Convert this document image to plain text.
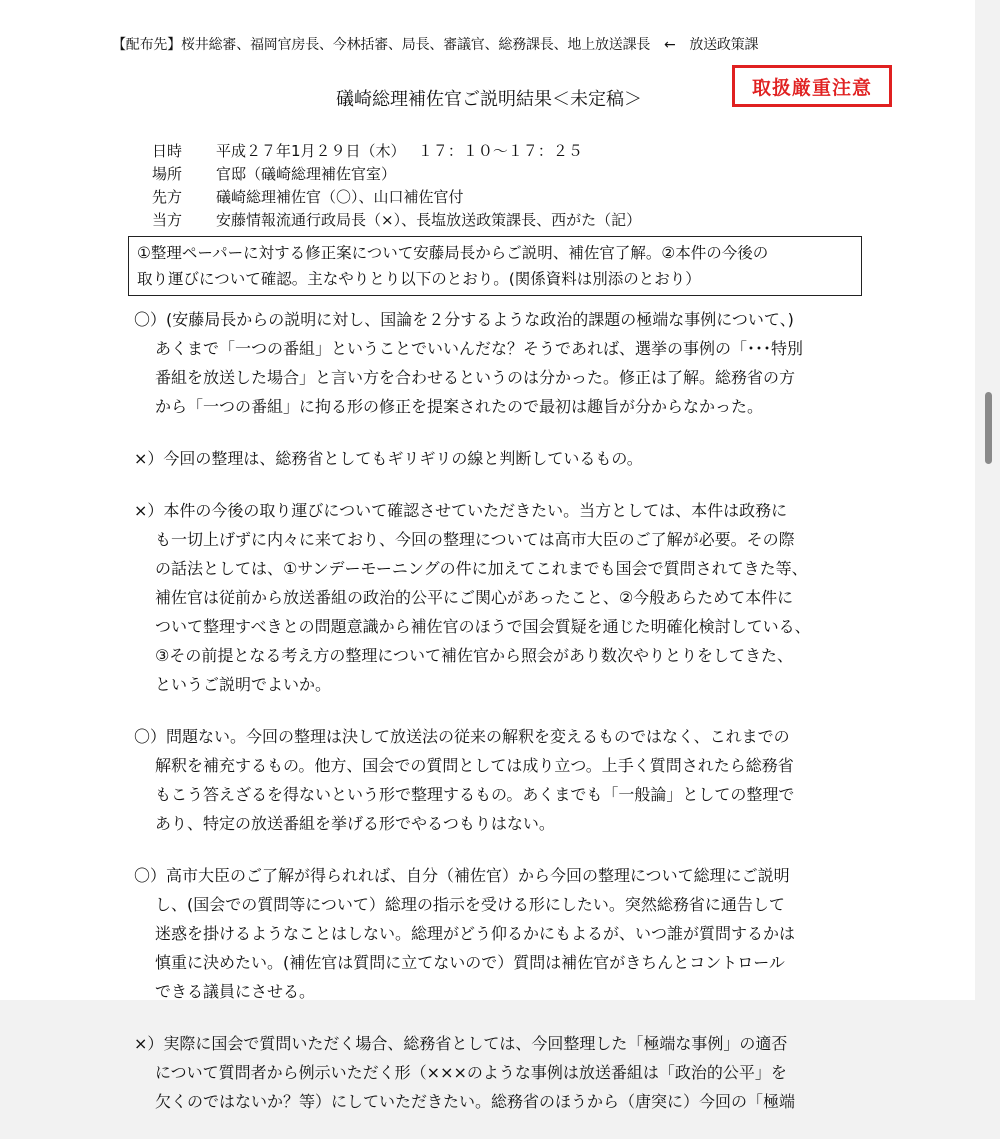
【配布先】桜井総審、福岡官房長、今林括審、局長、審議官、総務課長、地上放送課長　←　放送政策課
礒崎総理補佐官ご説明結果＜未定稿＞
取扱厳重注意
日時 平成２７年1月２９日（木）　 １７：１０～１７：２５
場所 官邸（礒崎総理補佐官室）
先方 礒崎総理補佐官（〇）、山口補佐官付
当方 安藤情報流通行政局長（×）、長塩放送政策課長、西がた（記）
①整理ペーパーに対する修正案について安藤局長からご説明、補佐官了解。②本件の今後の
取り運びについて確認。主なやりとり以下のとおり。(関係資料は別添のとおり）
〇）(安藤局長からの説明に対し、国論を２分するような政治的課題の極端な事例について、)
あくまで「一つの番組」ということでいいんだな？そうであれば、選挙の事例の「･･･特別
番組を放送した場合」と言い方を合わせるというのは分かった。修正は了解。総務省の方
から「一つの番組」に拘る形の修正を提案されたので最初は趣旨が分からなかった。
×）今回の整理は、総務省としてもギリギリの線と判断しているもの。
×）本件の今後の取り運びについて確認させていただきたい。当方としては、本件は政務に
も一切上げずに内々に来ており、今回の整理については高市大臣のご了解が必要。その際
の話法としては、①サンデーモーニングの件に加えてこれまでも国会で質問されてきた等、
補佐官は従前から放送番組の政治的公平にご関心があったこと、②今般あらためて本件に
ついて整理すべきとの問題意識から補佐官のほうで国会質疑を通じた明確化検討している、
③その前提となる考え方の整理について補佐官から照会があり数次やりとりをしてきた、
というご説明でよいか。
〇）問題ない。今回の整理は決して放送法の従来の解釈を変えるものではなく、これまでの
解釈を補充するもの。他方、国会での質問としては成り立つ。上手く質問されたら総務省
もこう答えざるを得ないという形で整理するもの。あくまでも「一般論」としての整理で
あり、特定の放送番組を挙げる形でやるつもりはない。
〇）高市大臣のご了解が得られれば、自分（補佐官）から今回の整理について総理にご説明
し、(国会での質問等について）総理の指示を受ける形にしたい。突然総務省に通告して
迷惑を掛けるようなことはしない。総理がどう仰るかにもよるが、いつ誰が質問するかは
慎重に決めたい。(補佐官は質問に立てないので）質問は補佐官がきちんとコントロール
できる議員にさせる。
×）実際に国会で質問いただく場合、総務省としては、今回整理した「極端な事例」の適否
について質問者から例示いただく形（×××のような事例は放送番組は「政治的公平」を
欠くのではないか？等）にしていただきたい。総務省のほうから（唐突に）今回の「極端
